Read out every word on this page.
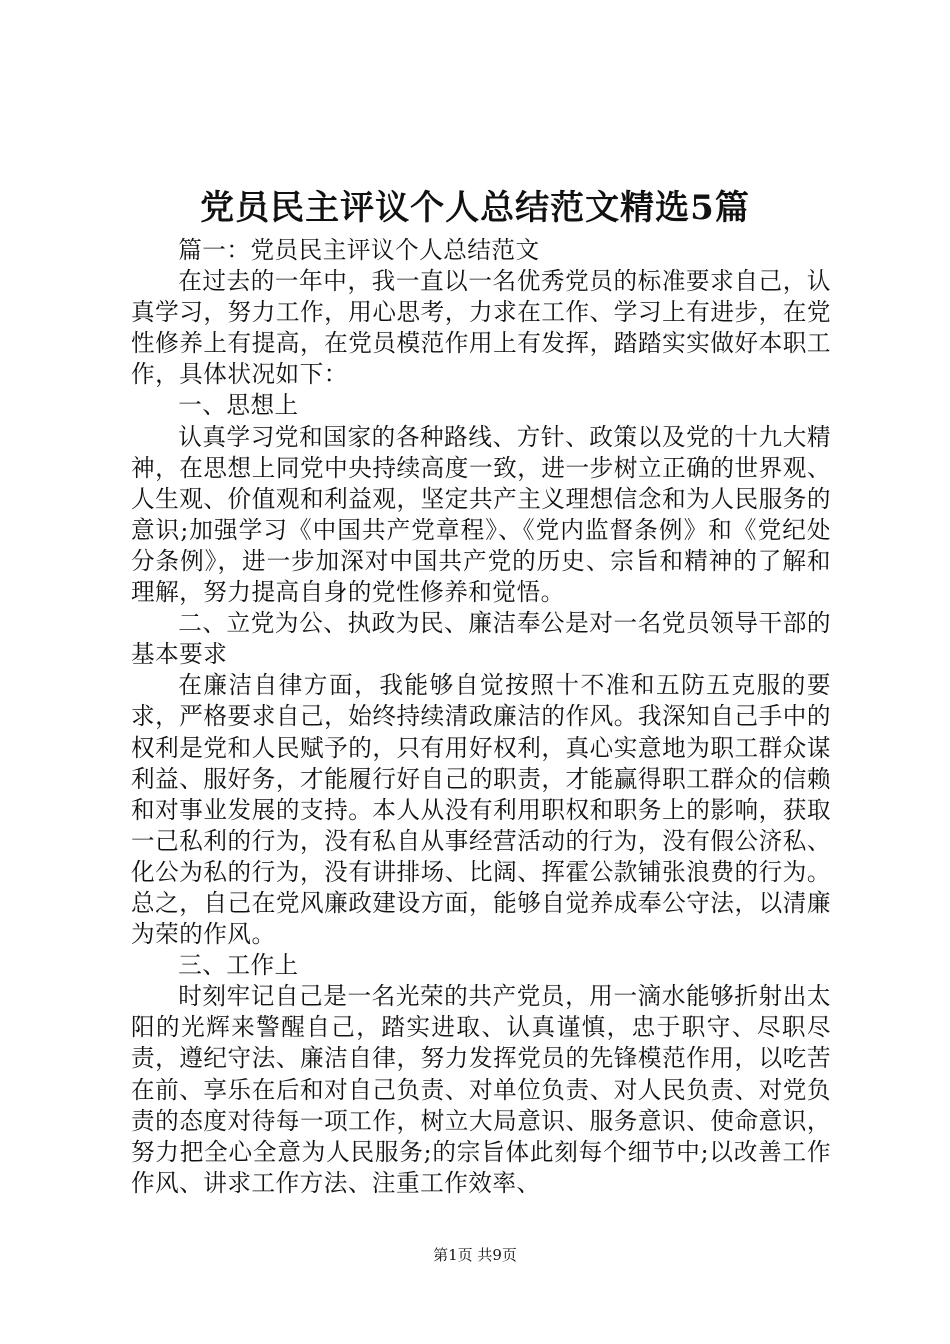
党员民主评议个人总结范文精选5篇

篇一：党员民主评议个人总结范文

在过去的一年中，我一直以一名优秀党员的标准要求自己，认真学习，努力工作，用心思考，力求在工作、学习上有进步，在党性修养上有提高，在党员模范作用上有发挥，踏踏实实做好本职工作，具体状况如下：

一、思想上

认真学习党和国家的各种路线、方针、政策以及党的十九大精神，在思想上同党中央持续高度一致，进一步树立正确的世界观、人生观、价值观和利益观，坚定共产主义理想信念和为人民服务的意识;加强学习《中国共产党章程》、《党内监督条例》和《党纪处分条例》，进一步加深对中国共产党的历史、宗旨和精神的了解和理解，努力提高自身的党性修养和觉悟。

二、立党为公、执政为民、廉洁奉公是对一名党员领导干部的基本要求

在廉洁自律方面，我能够自觉按照十不准和五防五克服的要求，严格要求自己，始终持续清政廉洁的作风。我深知自己手中的权利是党和人民赋予的，只有用好权利，真心实意地为职工群众谋利益、服好务，才能履行好自己的职责，才能赢得职工群众的信赖和对事业发展的支持。本人从没有利用职权和职务上的影响，获取一己私利的行为，没有私自从事经营活动的行为，没有假公济私、化公为私的行为，没有讲排场、比阔、挥霍公款铺张浪费的行为。总之，自己在党风廉政建设方面，能够自觉养成奉公守法，以清廉为荣的作风。

三、工作上

时刻牢记自己是一名光荣的共产党员，用一滴水能够折射出太阳的光辉来警醒自己，踏实进取、认真谨慎，忠于职守、尽职尽责，遵纪守法、廉洁自律，努力发挥党员的先锋模范作用，以吃苦在前、享乐在后和对自己负责、对单位负责、对人民负责、对党负责的态度对待每一项工作，树立大局意识、服务意识、使命意识，努力把全心全意为人民服务;的宗旨体此刻每个细节中;以改善工作作风、讲求工作方法、注重工作效率、

第1页 共9页
